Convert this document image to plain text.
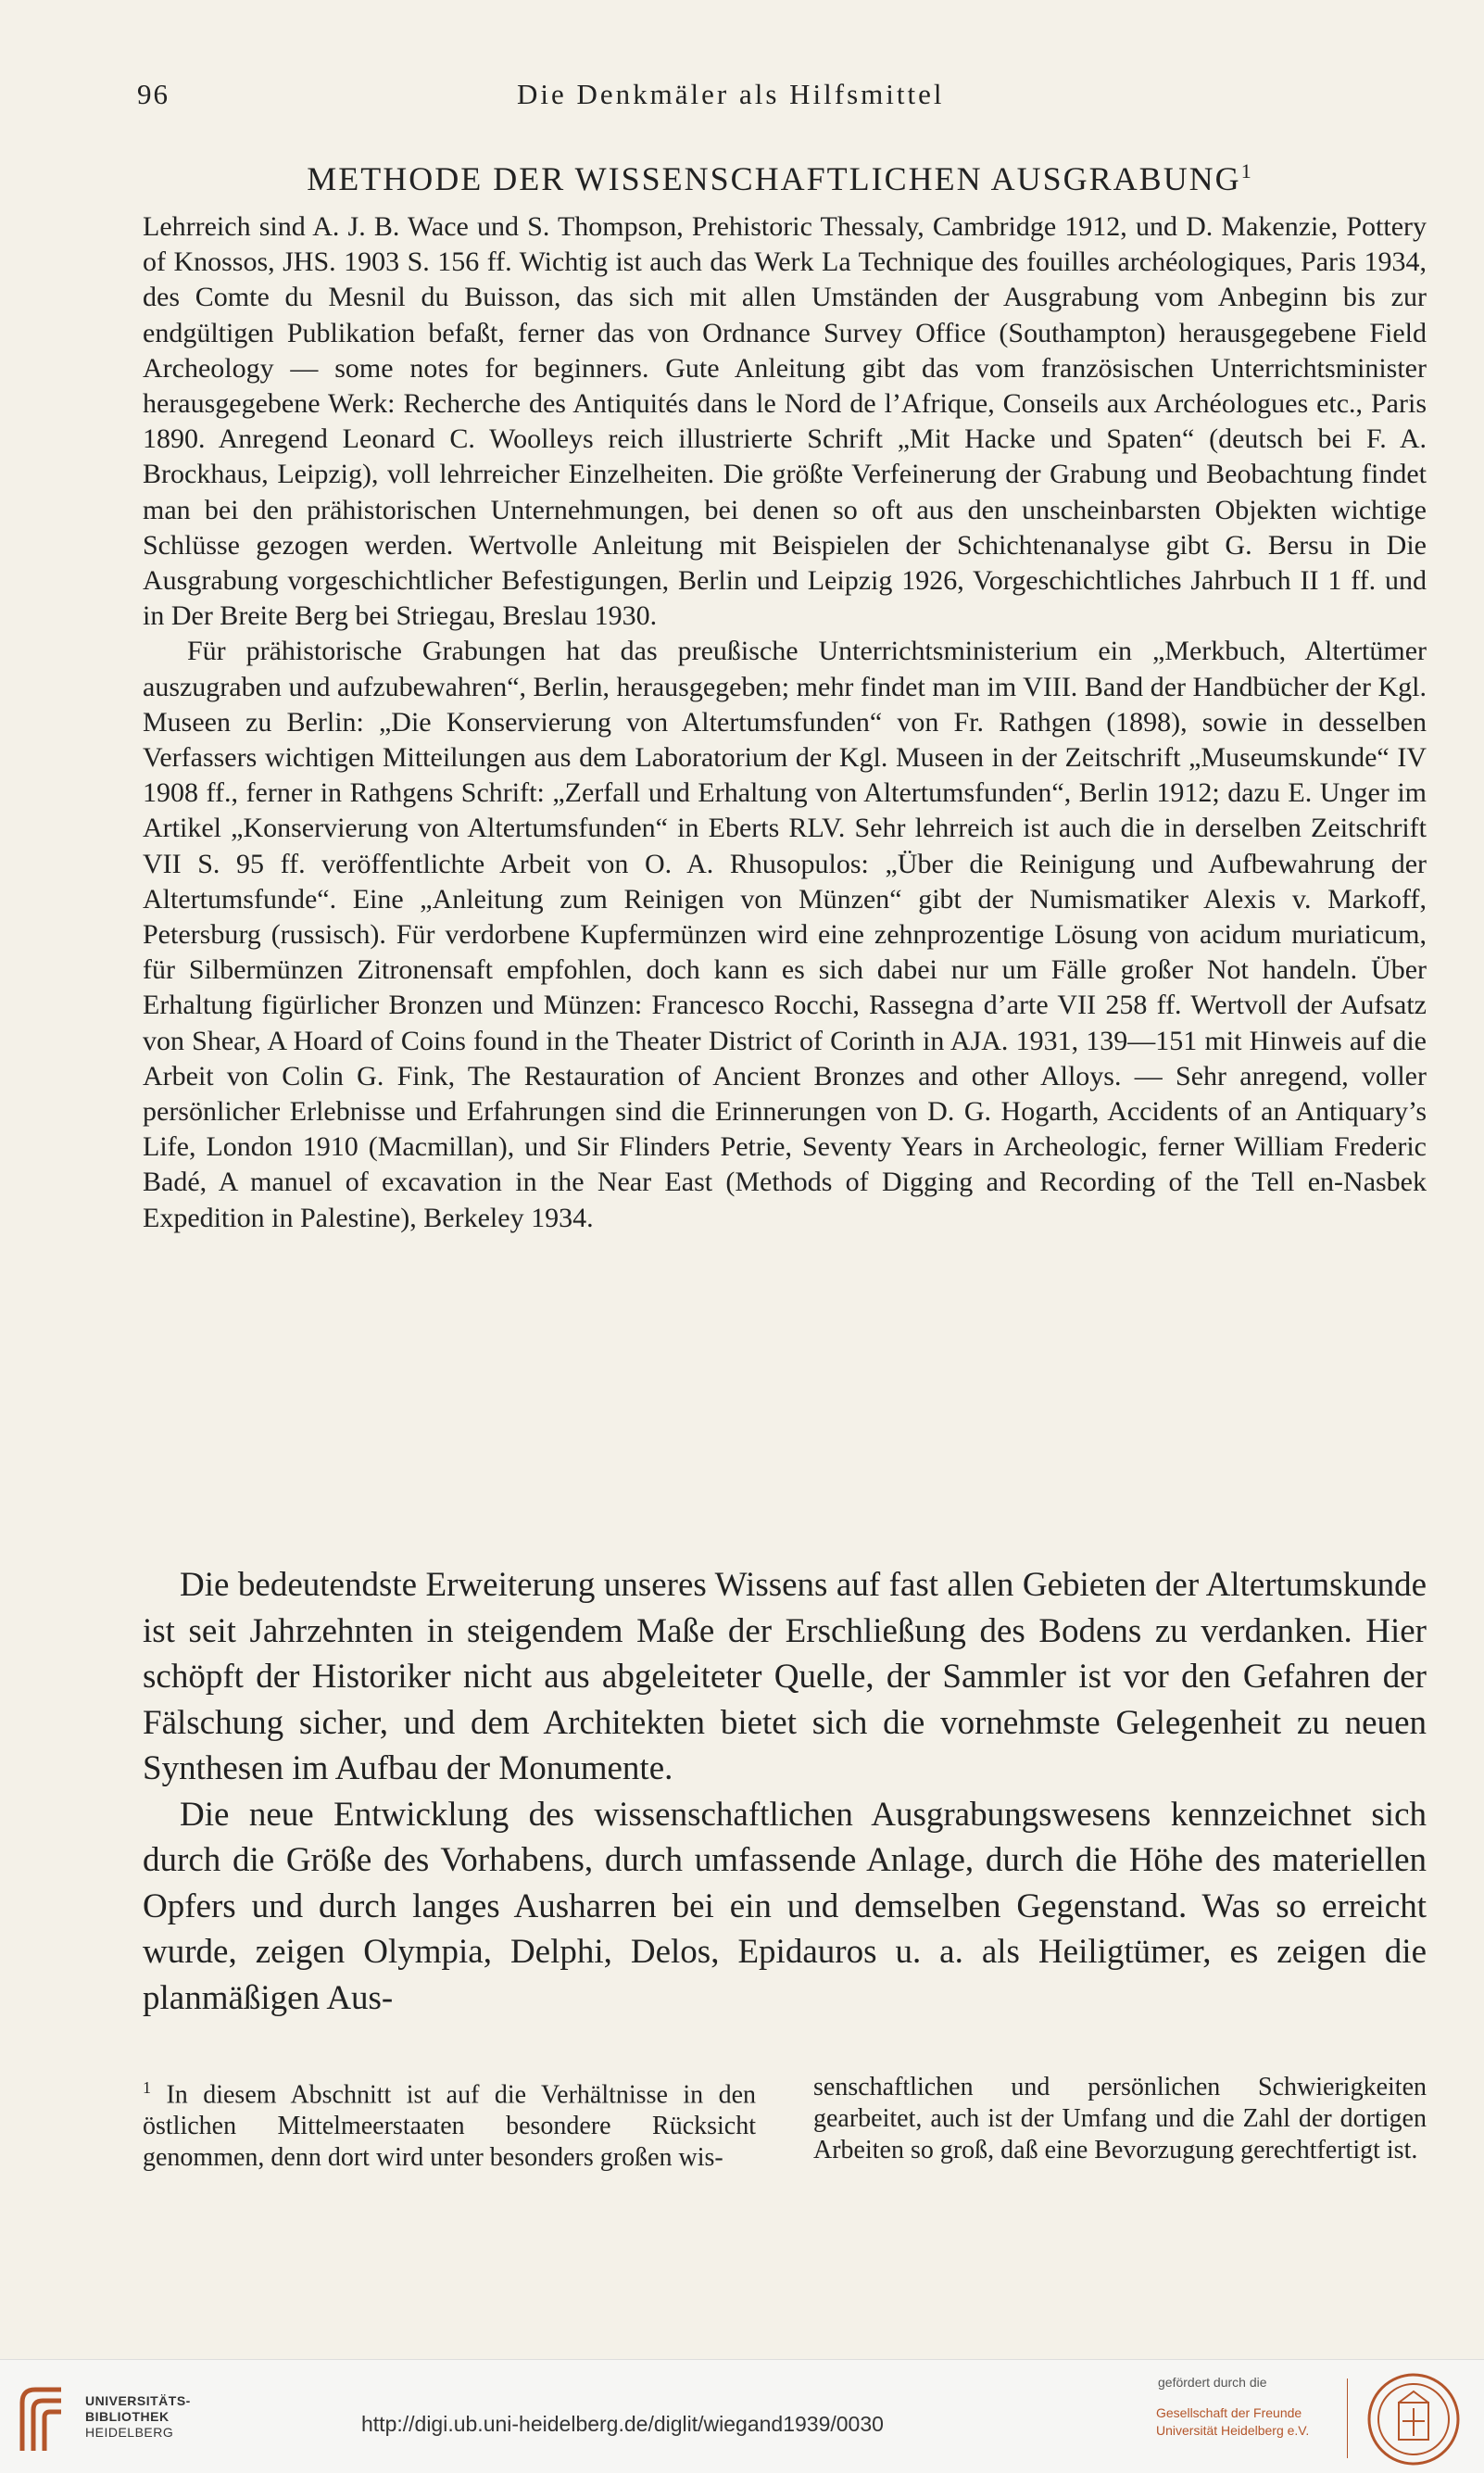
96	Die Denkmäler als Hilfsmittel
METHODE DER WISSENSCHAFTLICHEN AUSGRABUNG$^1$

Lehrreich sind A. J. B. Wace und S. Thompson, Prehistoric Thessaly, Cambridge 1912, und D. Makenzie, Pottery of Knossos, JHS. 1903 S. 156 ff. Wichtig ist auch das Werk La Technique des fouilles archéologiques, Paris 1934, des Comte du Mesnil du Buisson, das sich mit allen Umständen der Ausgrabung vom Anbeginn bis zur endgültigen Publikation befaßt, ferner das von Ordnance Survey Office (Southampton) herausgegebene Field Archeology — some notes for beginners. Gute Anleitung gibt das vom französischen Unterrichtsminister herausgegebene Werk: Recherche des Antiquités dans le Nord de l’Afrique, Conseils aux Archéologues etc., Paris 1890. Anregend Leonard C. Woolleys reich illustrierte Schrift „Mit Hacke und Spaten“ (deutsch bei F. A. Brockhaus, Leipzig), voll lehrreicher Einzelheiten. Die größte Verfeinerung der Grabung und Beobachtung findet man bei den prähistorischen Unternehmungen, bei denen so oft aus den unscheinbarsten Objekten wichtige Schlüsse gezogen werden. Wertvolle Anleitung mit Beispielen der Schichtenanalyse gibt G. Bersu in Die Ausgrabung vorgeschichtlicher Befestigungen, Berlin und Leipzig 1926, Vorgeschichtliches Jahrbuch II 1 ff. und in Der Breite Berg bei Striegau, Breslau 1930.

Für prähistorische Grabungen hat das preußische Unterrichtsministerium ein „Merkbuch, Altertümer auszugraben und aufzubewahren“, Berlin, herausgegeben; mehr findet man im VIII. Band der Handbücher der Kgl. Museen zu Berlin: „Die Konservierung von Altertumsfunden“ von Fr. Rathgen (1898), sowie in desselben Verfassers wichtigen Mitteilungen aus dem Laboratorium der Kgl. Museen in der Zeitschrift „Museumskunde“ IV 1908 ff., ferner in Rathgens Schrift: „Zerfall und Erhaltung von Altertumsfunden“, Berlin 1912; dazu E. Unger im Artikel „Konservierung von Altertumsfunden“ in Eberts RLV. Sehr lehrreich ist auch die in derselben Zeitschrift VII S. 95 ff. veröffentlichte Arbeit von O. A. Rhusopulos: „Über die Reinigung und Aufbewahrung der Altertumsfunde“. Eine „Anleitung zum Reinigen von Münzen“ gibt der Numismatiker Alexis v. Markoff, Petersburg (russisch). Für verdorbene Kupfermünzen wird eine zehnprozentige Lösung von acidum muriaticum, für Silbermünzen Zitronensaft empfohlen, doch kann es sich dabei nur um Fälle großer Not handeln. Über Erhaltung figürlicher Bronzen und Münzen: Francesco Rocchi, Rassegna d’arte VII 258 ff. Wertvoll der Aufsatz von Shear, A Hoard of Coins found in the Theater District of Corinth in AJA. 1931, 139—151 mit Hinweis auf die Arbeit von Colin G. Fink, The Restauration of Ancient Bronzes and other Alloys. — Sehr anregend, voller persönlicher Erlebnisse und Erfahrungen sind die Erinnerungen von D. G. Hogarth, Accidents of an Antiquary’s Life, London 1910 (Macmillan), und Sir Flinders Petrie, Seventy Years in Archeologic, ferner William Frederic Badé, A manuel of excavation in the Near East (Methods of Digging and Recording of the Tell en-Nasbek Expedition in Palestine), Berkeley 1934.

Die bedeutendste Erweiterung unseres Wissens auf fast allen Gebieten der Altertumskunde ist seit Jahrzehnten in steigendem Maße der Erschließung des Bodens zu verdanken. Hier schöpft der Historiker nicht aus abgeleiteter Quelle, der Sammler ist vor den Gefahren der Fälschung sicher, und dem Architekten bietet sich die vornehmste Gelegenheit zu neuen Synthesen im Aufbau der Monumente.

Die neue Entwicklung des wissenschaftlichen Ausgrabungswesens kennzeichnet sich durch die Größe des Vorhabens, durch umfassende Anlage, durch die Höhe des materiellen Opfers und durch langes Ausharren bei ein und demselben Gegenstand. Was so erreicht wurde, zeigen Olympia, Delphi, Delos, Epidauros u. a. als Heiligtümer, es zeigen die planmäßigen Aus-

$^1$ In diesem Abschnitt ist auf die Verhältnisse in den östlichen Mittelmeerstaaten besondere Rücksicht genommen, denn dort wird unter besonders großen wis-
senschaftlichen und persönlichen Schwierigkeiten gearbeitet, auch ist der Umfang und die Zahl der dortigen Arbeiten so groß, daß eine Bevorzugung gerechtfertigt ist.
UNIVERSITÄTS-
BIBLIOTHEK
HEIDELBERG	http://digi.ub.uni-heidelberg.de/diglit/wiegand1939/0030
gefördert durch die
Gesellschaft der Freunde
Universität Heidelberg e.V.
